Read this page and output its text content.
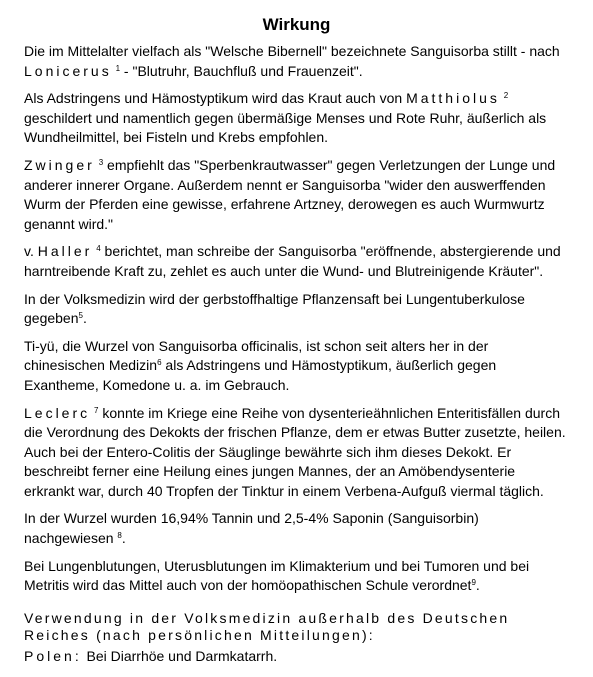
Wirkung

Die im Mittelalter vielfach als "Welsche Bibernell" bezeichnete Sanguisorba stillt - nach
Lonicerus $^1$ - "Blutruhr, Bauchfluß und Frauenzeit".

Als Adstringens und Hämostyptikum wird das Kraut auch von Matthiolus $^2$
geschildert und namentlich gegen übermäßige Menses und Rote Ruhr, äußerlich als Wundheilmittel, bei Fisteln und Krebs empfohlen.

Zwinger $^3$ empfiehlt das "Sperbenkrautwasser" gegen Verletzungen der Lunge und anderer innerer Organe. Außerdem nennt er Sanguisorba "wider den auswerffenden Wurm der Pferden eine gewisse, erfahrene Artzney, derowegen es auch Wurmwurtz genannt wird."

v. Haller $^4$ berichtet, man schreibe der Sanguisorba "eröffnende, abstergierende und harntreibende Kraft zu, zehlet es auch unter die Wund- und Blutreinigende Kräuter".

In der Volksmedizin wird der gerbstoffhaltige Pflanzensaft bei Lungentuberkulose gegeben$^5$.

Ti-yü, die Wurzel von Sanguisorba officinalis, ist schon seit alters her in der chinesischen Medizin$^6$ als Adstringens und Hämostyptikum, äußerlich gegen Exantheme, Komedone u. a. im Gebrauch.

Leclerc $^7$ konnte im Kriege eine Reihe von dysenterieähnlichen Enteritisfällen durch die Verordnung des Dekokts der frischen Pflanze, dem er etwas Butter zusetzte, heilen. Auch bei der Entero-Colitis der Säuglinge bewährte sich ihm dieses Dekokt. Er beschreibt ferner eine Heilung eines jungen Mannes, der an Amöbendysenterie erkrankt war, durch 40 Tropfen der Tinktur in einem Verbena-Aufguß viermal täglich.

In der Wurzel wurden 16,94% Tannin und 2,5-4% Saponin (Sanguisorbin) nachgewiesen $^8$.

Bei Lungenblutungen, Uterusblutungen im Klimakterium und bei Tumoren und bei Metritis wird das Mittel auch von der homöopathischen Schule verordnet$^9$.

Verwendung in der Volksmedizin außerhalb des Deutschen Reiches (nach persönlichen Mitteilungen):

Polen:  Bei Diarrhöe und Darmkatarrh.
